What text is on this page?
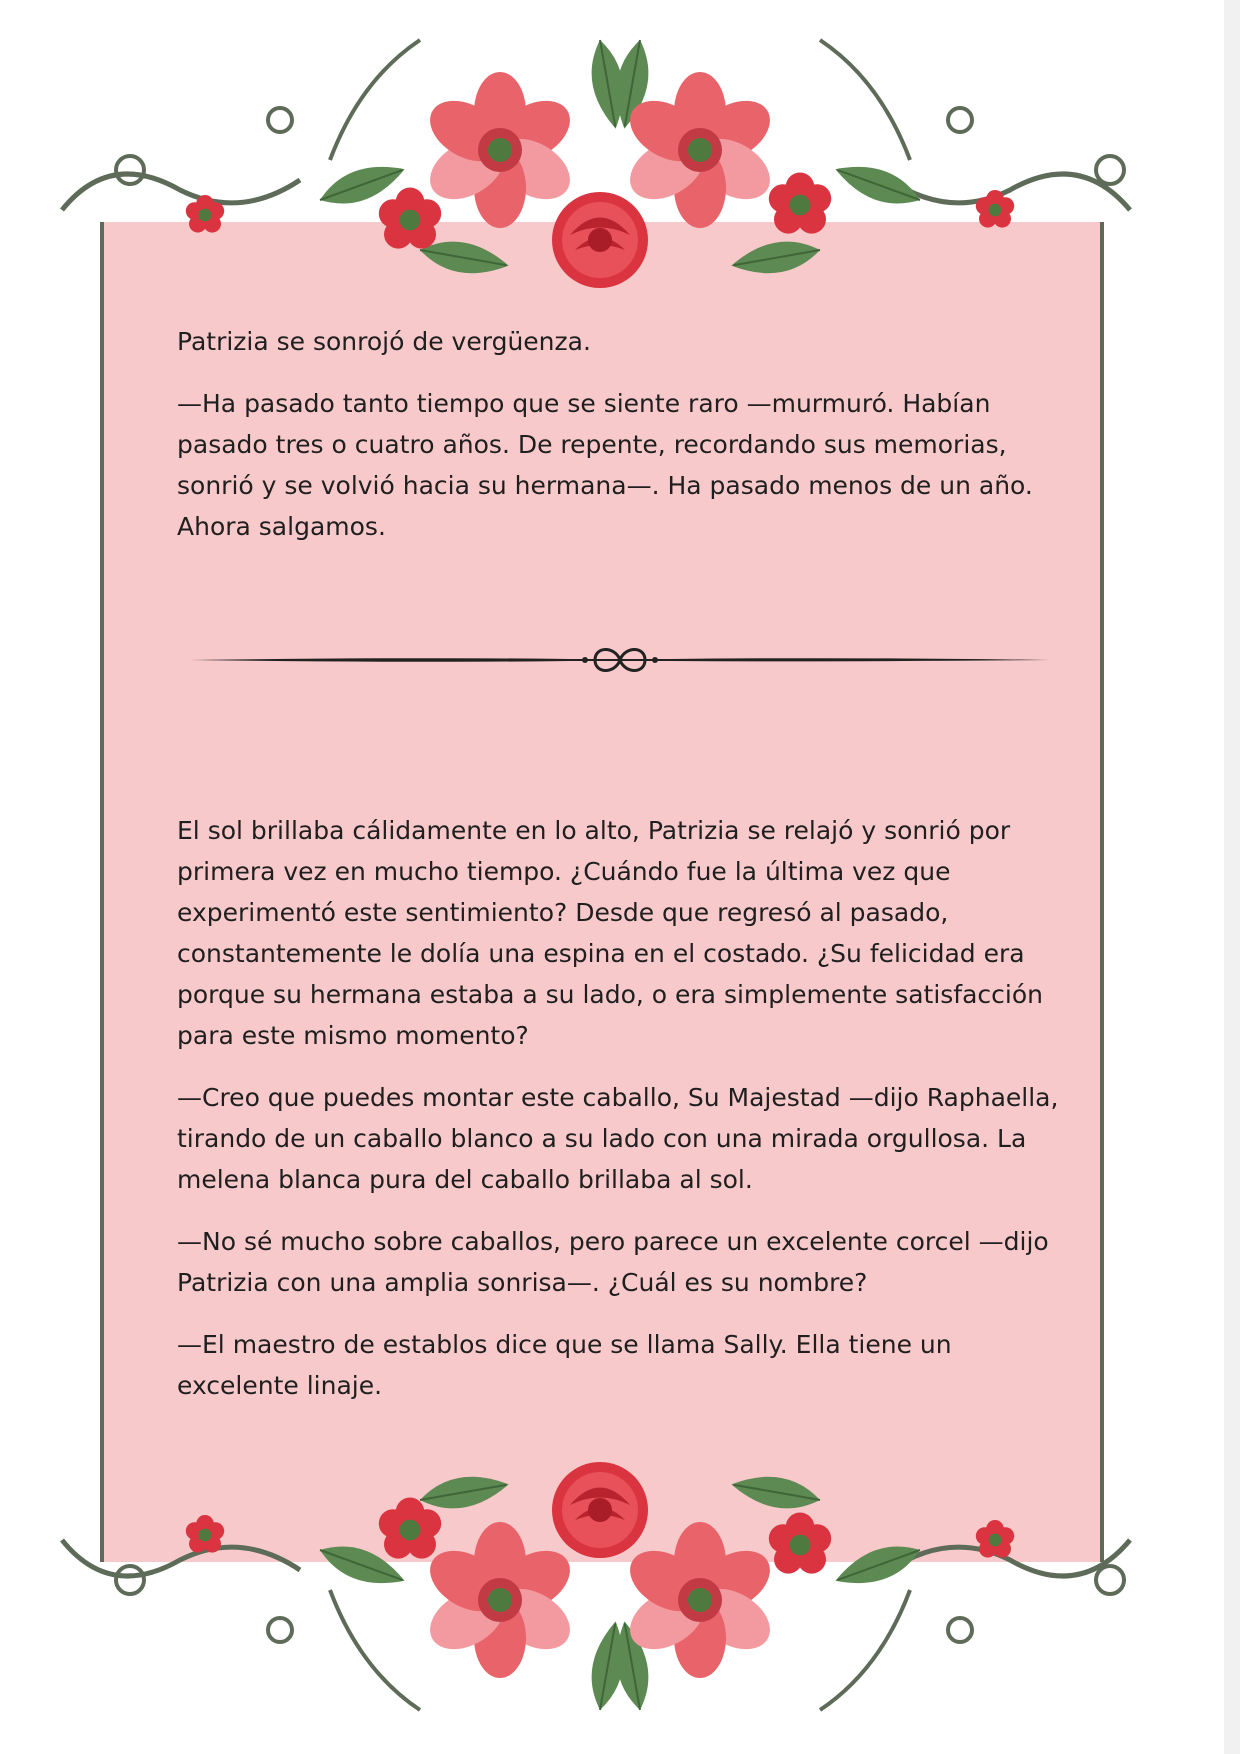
Patrizia se sonrojó de vergüenza.

—Ha pasado tanto tiempo que se siente raro —murmuró. Habían pasado tres o cuatro años. De repente, recordando sus memorias, sonrió y se volvió hacia su hermana—. Ha pasado menos de un año. Ahora salgamos.

El sol brillaba cálidamente en lo alto, Patrizia se relajó y sonrió por primera vez en mucho tiempo. ¿Cuándo fue la última vez que experimentó este sentimiento? Desde que regresó al pasado, constantemente le dolía una espina en el costado. ¿Su felicidad era porque su hermana estaba a su lado, o era simplemente satisfacción para este mismo momento?

—Creo que puedes montar este caballo, Su Majestad —dijo Raphaella, tirando de un caballo blanco a su lado con una mirada orgullosa. La melena blanca pura del caballo brillaba al sol.

—No sé mucho sobre caballos, pero parece un excelente corcel —dijo Patrizia con una amplia sonrisa—. ¿Cuál es su nombre?

—El maestro de establos dice que se llama Sally. Ella tiene un excelente linaje.
